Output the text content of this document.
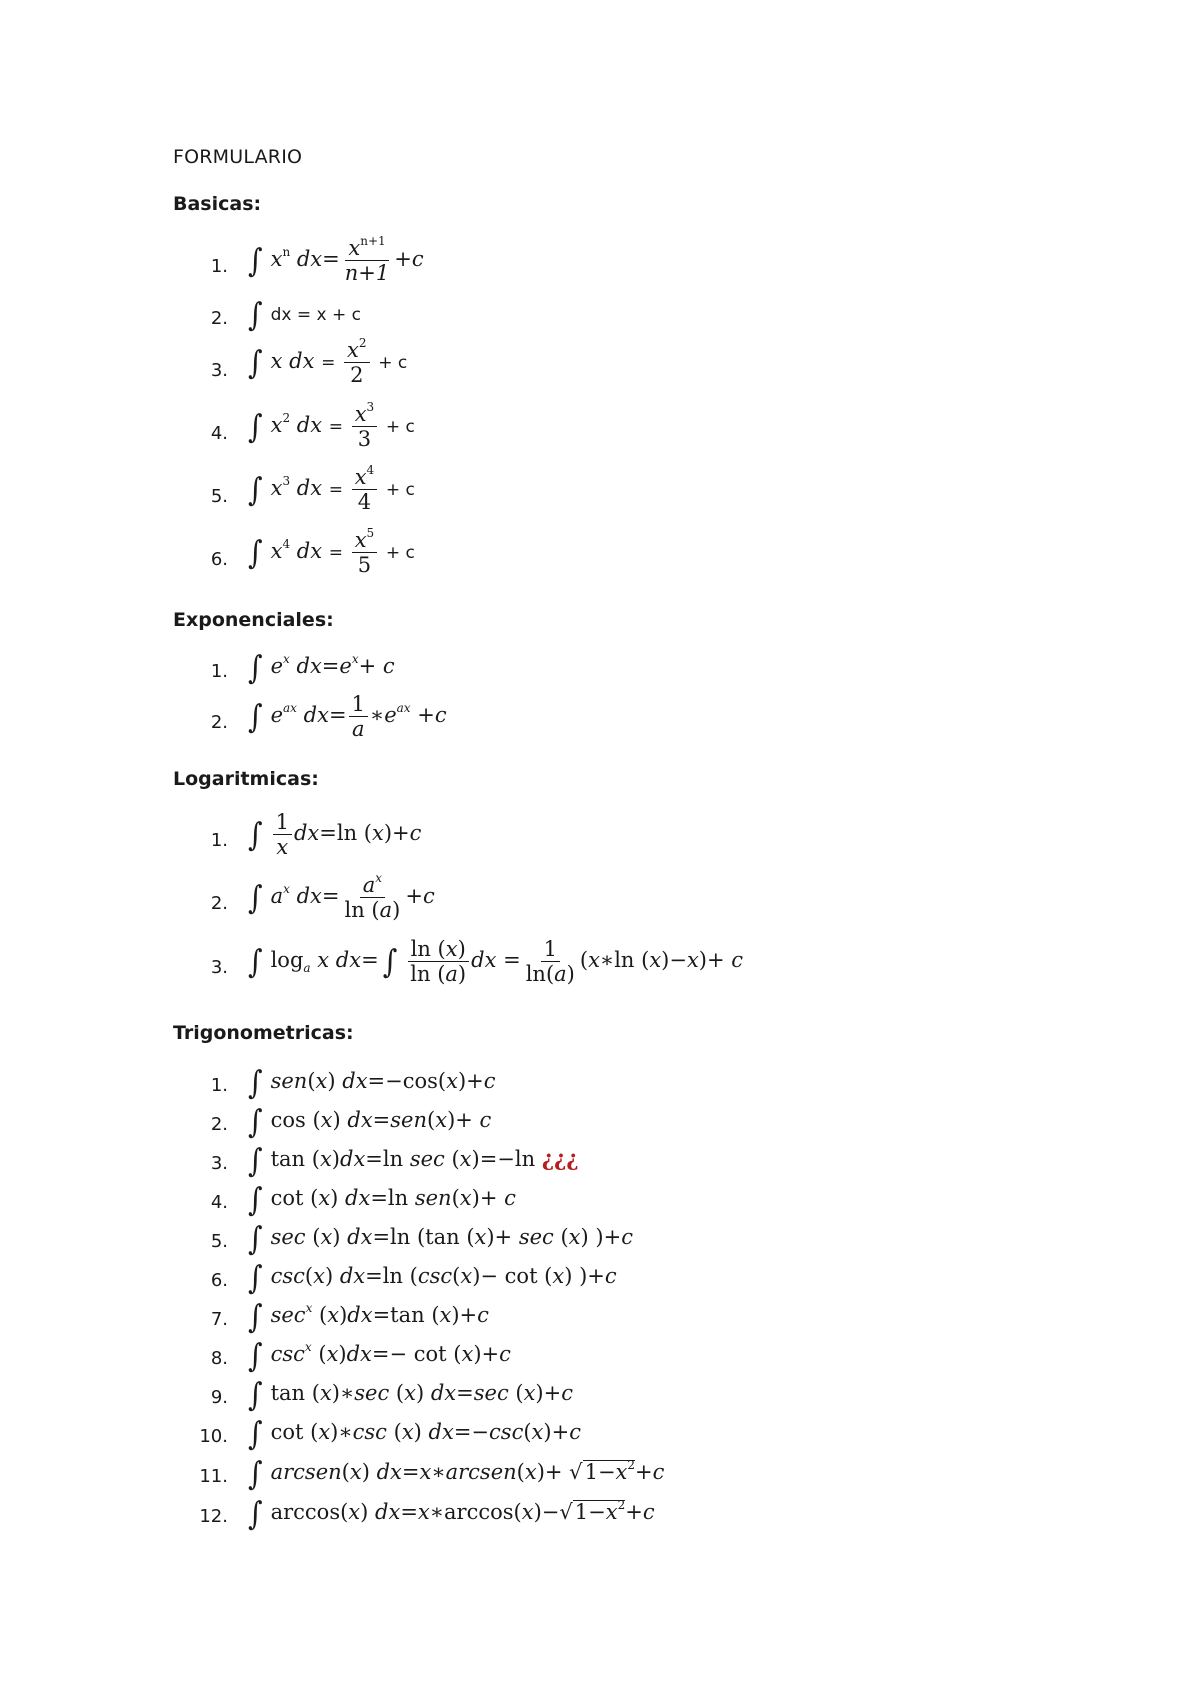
FORMULARIO
Basicas:
1. ∫ $x^n$ $dx= \frac{x^{n+1}}{n+1} +c$
2. ∫ dx = x + c
3. ∫ x dx = $\frac{x^2}{2} + c$
4. ∫ $x^2$ dx = $\frac{x^3}{3} + c$
5. ∫ $x^3$ dx = $\frac{x^4}{4} + c$
6. ∫ $x^4$ dx = $\frac{x^5}{5} + c$
Exponenciales:
1. ∫ $e^x$ $dx=e^x+ c$
2. ∫ $e^{ax}$ $dx= \frac{1}{a}$ $∗e^{ax} +c$
Logaritmicas:
1. ∫ $\frac{1}{x} dx=\ln$ (x)+c
2. ∫ $a^x$ $dx= \frac{a^x}{\ln (a)} +c$
3. ∫ $\log_a x$ dx= ∫ $\frac{\ln (x)}{\ln (a)}$ dx = $\frac{1}{\ln(a)}$ (x∗ln (x)−x)+ c
Trigonometricas:
1. ∫ sen(x) dx=−cos(x)+c
2. ∫ cos (x) dx=sen(x)+ c
3. ∫ tan (x)dx=ln sec (x)=−ln ¿¿¿
4. ∫ cot (x) dx=ln sen(x)+ c
5. ∫ sec (x) dx=ln (tan (x)+ sec (x) )+c
6. ∫ csc(x) dx=ln (csc(x)− cot (x) )+c
7. ∫ $\sec^x (x)dx=\tan$ (x)+c
8. ∫ $\csc^x (x)dx=- \cot (x)+c$
9. ∫ tan (x)∗sec (x) dx=sec (x)+c
10. ∫ cot (x)∗csc (x) dx=−csc(x)+c
11. ∫ arcsen(x) dx=x∗arcsen(x)+ $√1-x^2+c$
12. ∫ arccos(x) $dx=x∗\arccos(x)-√1-x^2+c$
